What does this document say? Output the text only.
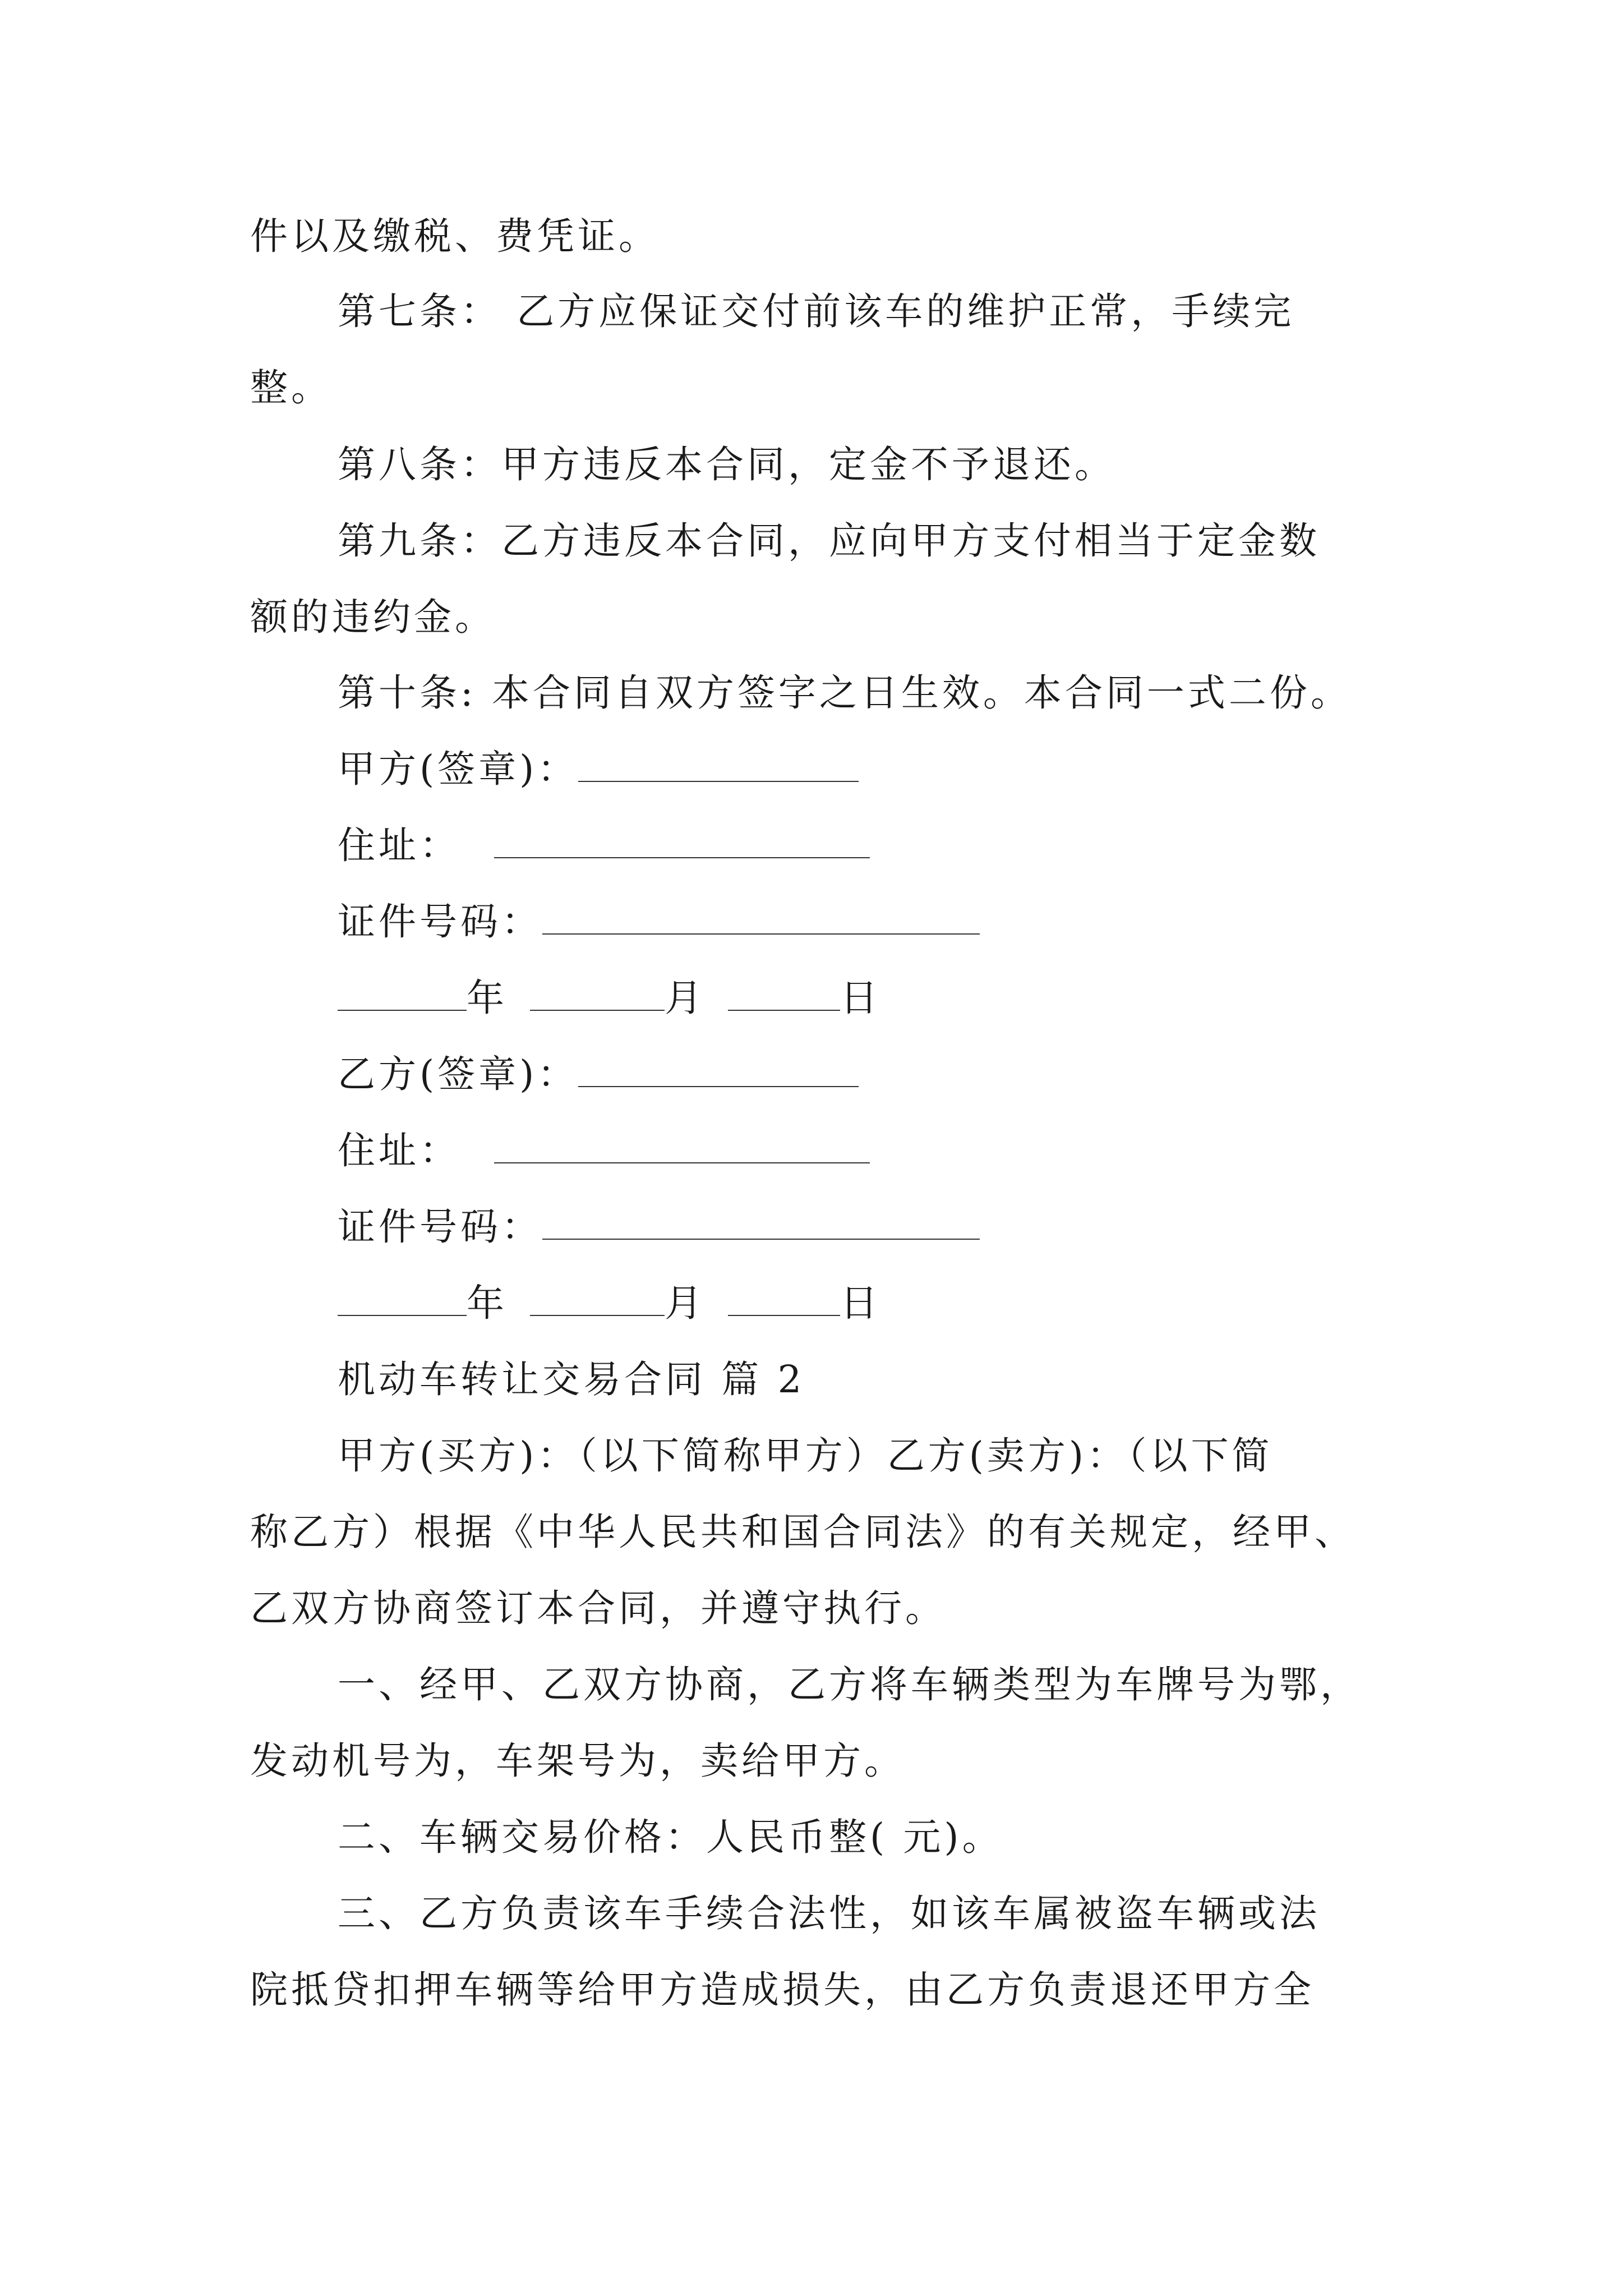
件以及缴税、费凭证。
第七条： 乙方应保证交付前该车的维护正常，手续完
整。
第八条：甲方违反本合同，定金不予退还。
第九条：乙方违反本合同，应向甲方支付相当于定金数
额的违约金。
第十条: 本合同自双方签字之日生效。本合同一式二份。
甲方(签章)：
住址：
证件号码：
年	月	日
乙方(签章)：
住址：
证件号码：
年	月	日
机动车转让交易合同 篇 2
甲方(买方)：（以下简称甲方）乙方(卖方)：（以下简
称乙方）根据《中华人民共和国合同法》的有关规定，经甲、
乙双方协商签订本合同，并遵守执行。
一、经甲、乙双方协商，乙方将车辆类型为车牌号为鄂，
发动机号为，车架号为，卖给甲方。
二、车辆交易价格：人民币整( 元)。
三、乙方负责该车手续合法性，如该车属被盗车辆或法
院抵贷扣押车辆等给甲方造成损失，由乙方负责退还甲方全
